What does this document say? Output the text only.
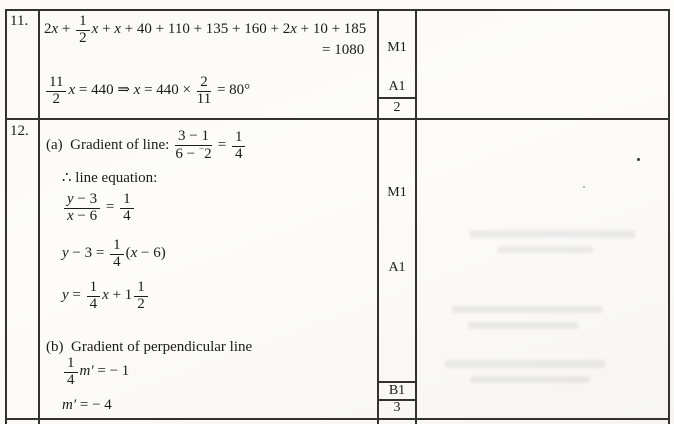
11.
2 $x + \frac{1}{2}$ x + x + 40 + 110 + 135 + 160 + 2 x + 10 + 185
= 1080
$\frac{11}{2}$ x = 440 ⇒ $x = 440 \times \frac{2}{11} = 80^\circ$
M1
A1
2
12.
(a)  Gradient of line: $\frac{3 - 1}{6 - ^-2} = \frac{1}{4}$
∴ line equation:
$\frac{y - 3}{x - 6} = \frac{1}{4}$
$y - 3 = \frac{1}{4}$ ( x − 6)
$y = \frac{1}{4}$ $x + 1 \frac{1}{2}$
(b)  Gradient of perpendicular line
$\frac{1}{4} m'$ = − 1
m′ = − 4
M1
A1
B1
3
